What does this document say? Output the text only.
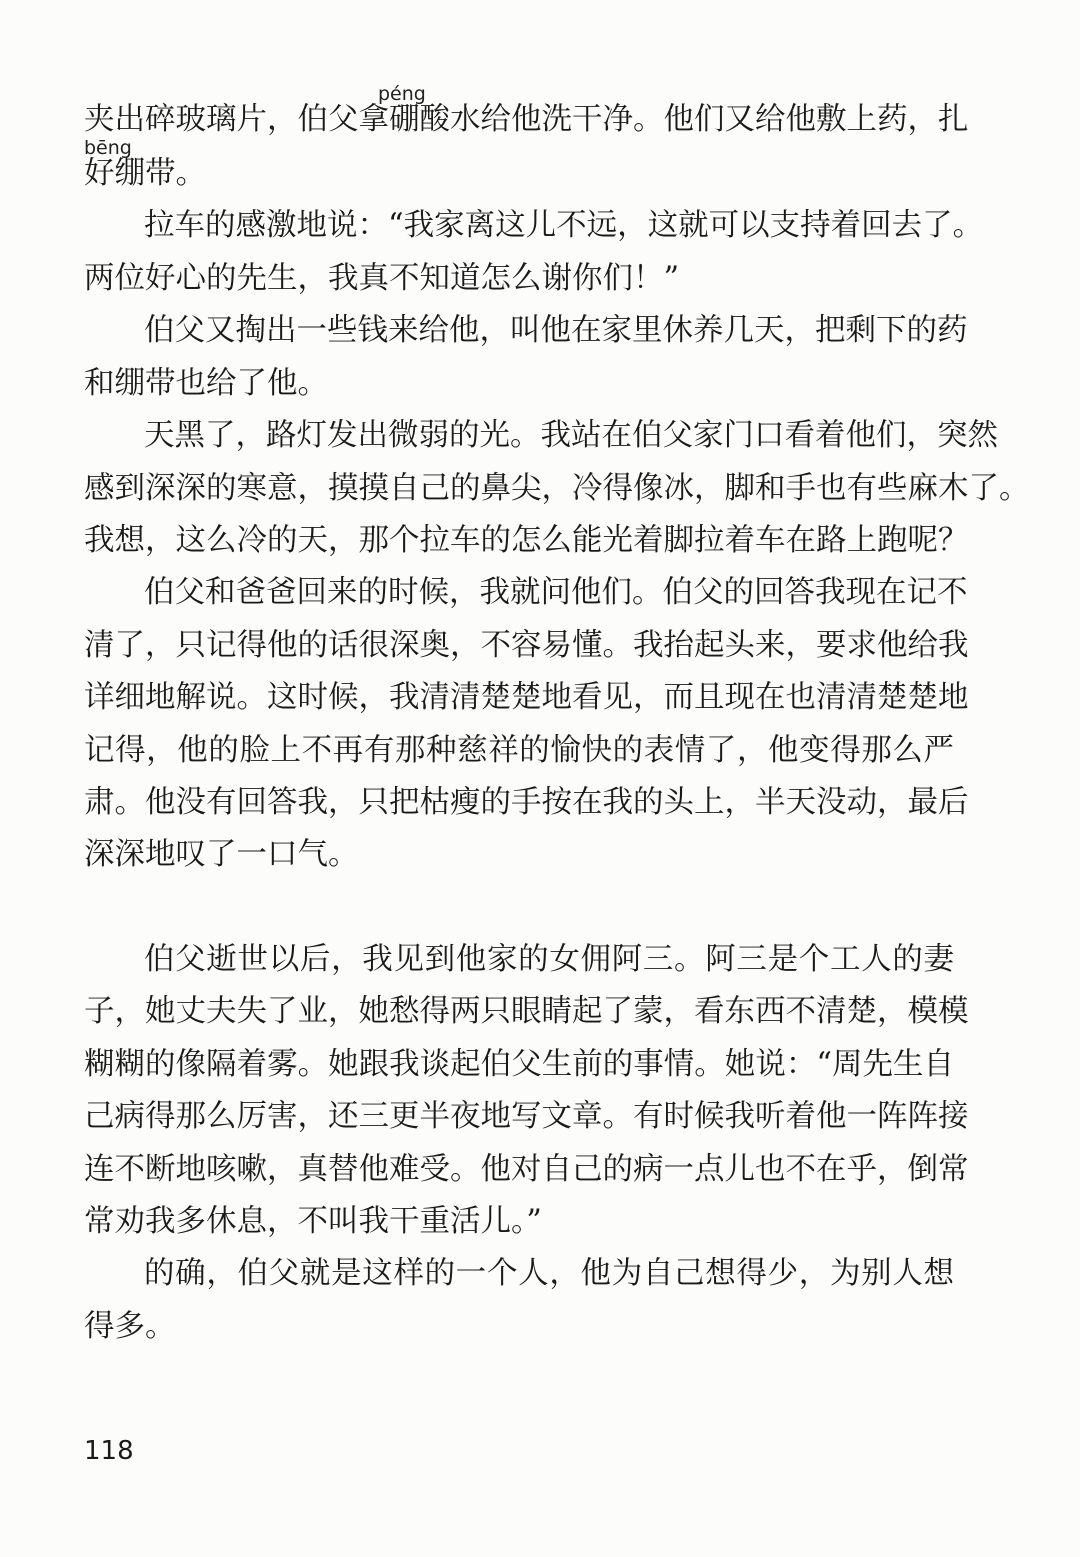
péng
bēng
夹出碎玻璃片，伯父拿硼酸水给他洗干净。他们又给他敷上药，扎
好绷带。
拉车的感激地说：“我家离这儿不远，这就可以支持着回去了。
两位好心的先生，我真不知道怎么谢你们！”
伯父又掏出一些钱来给他，叫他在家里休养几天，把剩下的药
和绷带也给了他。
天黑了，路灯发出微弱的光。我站在伯父家门口看着他们，突然
感到深深的寒意，摸摸自己的鼻尖，冷得像冰，脚和手也有些麻木了。
我想，这么冷的天，那个拉车的怎么能光着脚拉着车在路上跑呢？
伯父和爸爸回来的时候，我就问他们。伯父的回答我现在记不
清了，只记得他的话很深奥，不容易懂。我抬起头来，要求他给我
详细地解说。这时候，我清清楚楚地看见，而且现在也清清楚楚地
记得，他的脸上不再有那种慈祥的愉快的表情了，他变得那么严
肃。他没有回答我，只把枯瘦的手按在我的头上，半天没动，最后
深深地叹了一口气。
伯父逝世以后，我见到他家的女佣阿三。阿三是个工人的妻
子，她丈夫失了业，她愁得两只眼睛起了蒙，看东西不清楚，模模
糊糊的像隔着雾。她跟我谈起伯父生前的事情。她说：“周先生自
己病得那么厉害，还三更半夜地写文章。有时候我听着他一阵阵接
连不断地咳嗽，真替他难受。他对自己的病一点儿也不在乎，倒常
常劝我多休息，不叫我干重活儿。”
的确，伯父就是这样的一个人，他为自己想得少，为别人想
得多。
118
